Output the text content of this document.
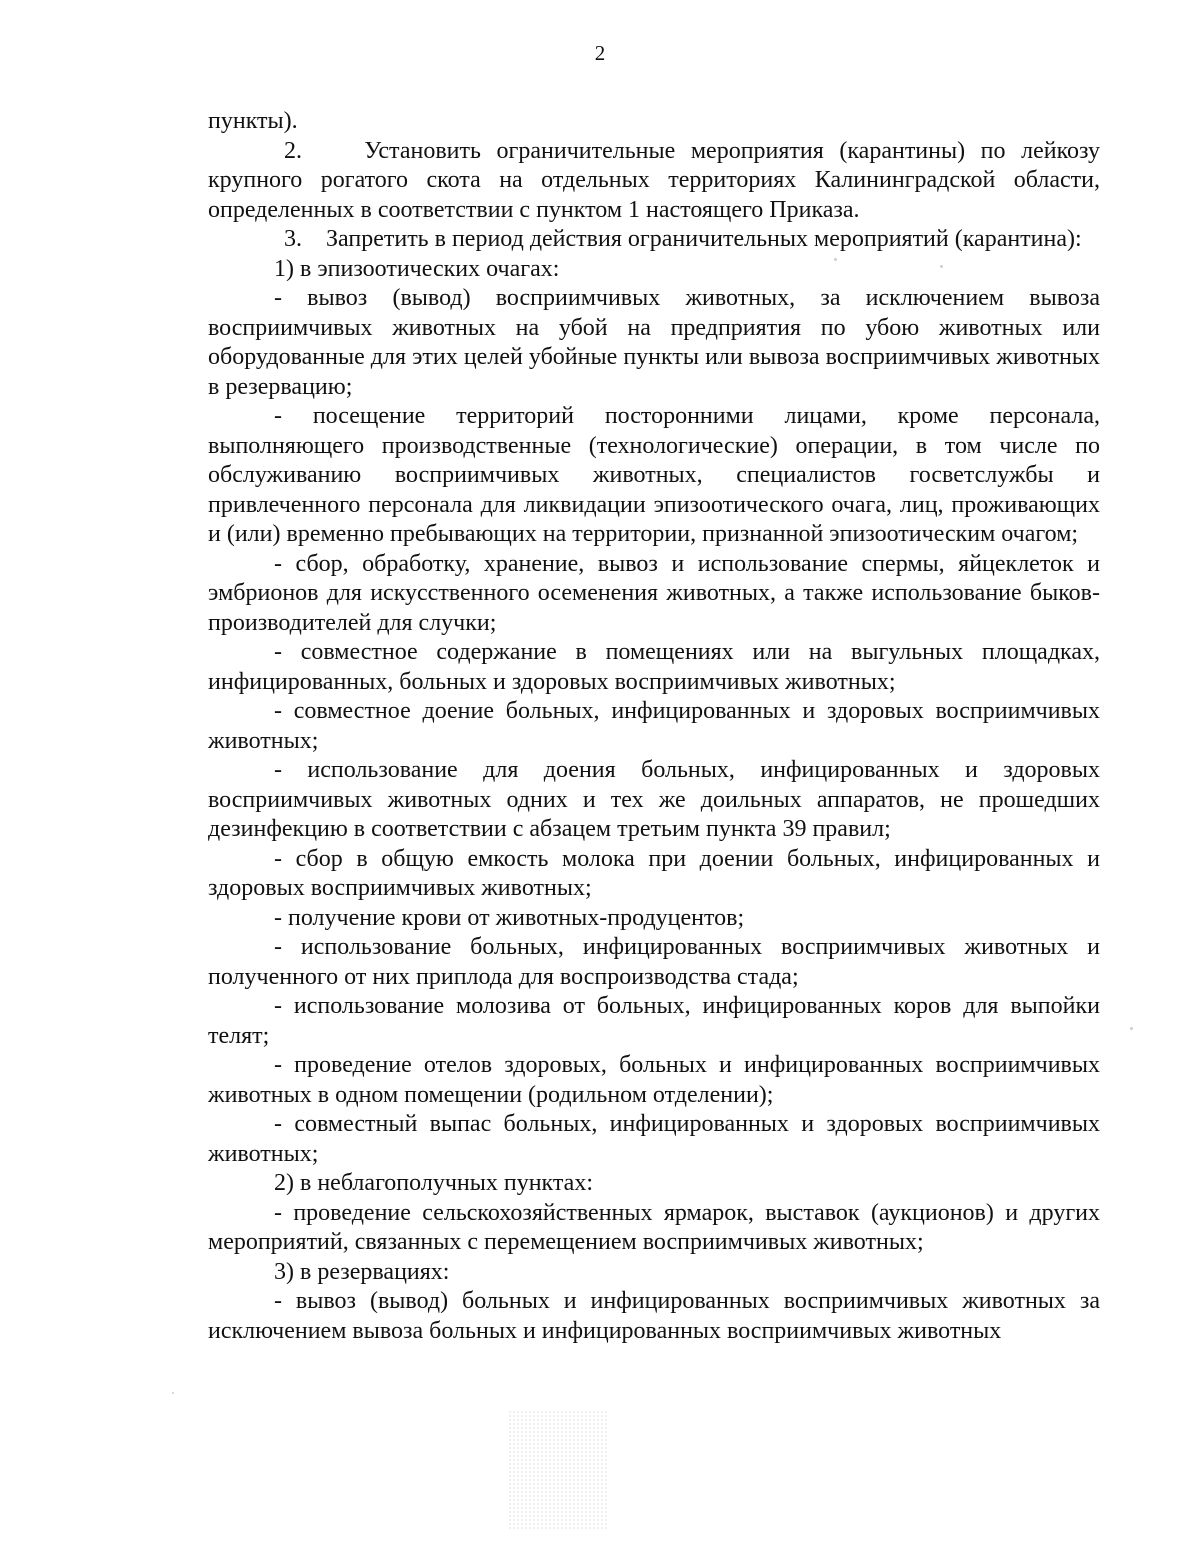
2

пункты).

2.    Установить ограничительные мероприятия (карантины) по лейкозу крупного рогатого скота на отдельных территориях Калининградской области, определенных в соответствии с пунктом 1 настоящего Приказа.

3.    Запретить в период действия ограничительных мероприятий (карантина):

1) в эпизоотических очагах:

- вывоз (вывод) восприимчивых животных, за исключением вывоза восприимчивых животных на убой на предприятия по убою животных или оборудованные для этих целей убойные пункты или вывоза восприимчивых животных в резервацию;

- посещение территорий посторонними лицами, кроме персонала, выполняющего производственные (технологические) операции, в том числе по обслуживанию восприимчивых животных, специалистов госветслужбы и привлеченного персонала для ликвидации эпизоотического очага, лиц, проживающих и (или) временно пребывающих на территории, признанной эпизоотическим очагом;

- сбор, обработку, хранение, вывоз и использование спермы, яйцеклеток и эмбрионов для искусственного осеменения животных, а также использование быков-производителей для случки;

- совместное содержание в помещениях или на выгульных площадках, инфицированных, больных и здоровых восприимчивых животных;

- совместное доение больных, инфицированных и здоровых восприимчивых животных;

- использование для доения больных, инфицированных и здоровых восприимчивых животных одних и тех же доильных аппаратов, не прошедших дезинфекцию в соответствии с абзацем третьим пункта 39 правил;

- сбор в общую емкость молока при доении больных, инфицированных и здоровых восприимчивых животных;

- получение крови от животных-продуцентов;

- использование больных, инфицированных восприимчивых животных и полученного от них приплода для воспроизводства стада;

- использование молозива от больных, инфицированных коров для выпойки телят;

- проведение отелов здоровых, больных и инфицированных восприимчивых животных в одном помещении (родильном отделении);

- совместный выпас больных, инфицированных и здоровых восприимчивых животных;

2) в неблагополучных пунктах:

- проведение сельскохозяйственных ярмарок, выставок (аукционов) и других мероприятий, связанных с перемещением восприимчивых животных;

3) в резервациях:

- вывоз (вывод) больных и инфицированных восприимчивых животных за исключением вывоза больных и инфицированных восприимчивых животных
